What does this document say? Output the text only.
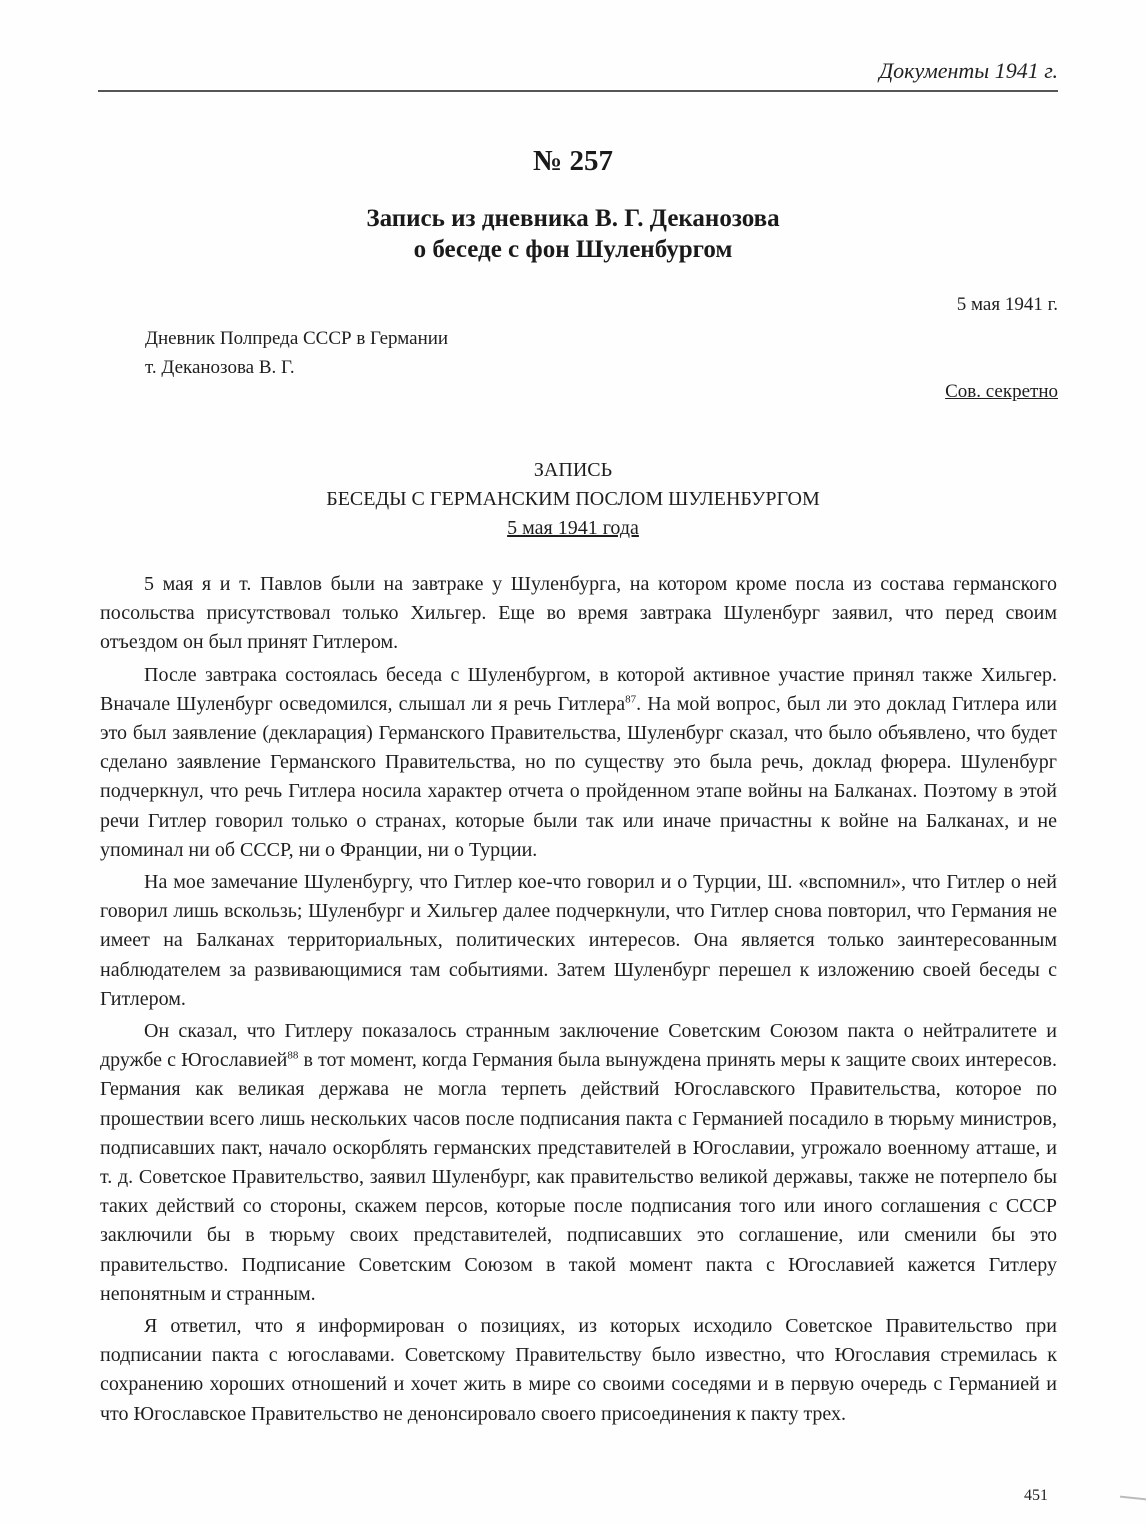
Документы 1941 г.
№ 257
Запись из дневника В. Г. Деканозова
о беседе с фон Шуленбургом
5 мая 1941 г.
Дневник Полпреда СССР в Германии
т. Деканозова В. Г.
Сов. секретно
ЗАПИСЬ
БЕСЕДЫ С ГЕРМАНСКИМ ПОСЛОМ ШУЛЕНБУРГОМ
5 мая 1941 года

5 мая я и т. Павлов были на завтраке у Шуленбурга, на котором кроме посла из состава германского посольства присутствовал только Хильгер. Еще во время завтрака Шуленбург заявил, что перед своим отъездом он был принят Гитлером.

После завтрака состоялась беседа с Шуленбургом, в которой активное участие принял также Хильгер. Вначале Шуленбург осведомился, слышал ли я речь Гитлера$^{87}$. На мой вопрос, был ли это доклад Гитлера или это был заявление (декларация) Германского Правительства, Шуленбург сказал, что было объявлено, что будет сделано заявление Германского Правительства, но по существу это была речь, доклад фюрера. Шуленбург подчеркнул, что речь Гитлера носила характер отчета о пройденном этапе войны на Балканах. Поэтому в этой речи Гитлер говорил только о странах, которые были так или иначе причастны к войне на Балканах, и не упоминал ни об СССР, ни о Франции, ни о Турции.

На мое замечание Шуленбургу, что Гитлер кое-что говорил и о Турции, Ш. «вспомнил», что Гитлер о ней говорил лишь вскользь; Шуленбург и Хильгер далее подчеркнули, что Гитлер снова повторил, что Германия не имеет на Балканах территориальных, политических интересов. Она является только заинтересованным наблюдателем за развивающимися там событиями. Затем Шуленбург перешел к изложению своей беседы с Гитлером.

Он сказал, что Гитлеру показалось странным заключение Советским Союзом пакта о нейтралитете и дружбе с Югославией$^{88}$ в тот момент, когда Германия была вынуждена принять меры к защите своих интересов. Германия как великая держава не могла терпеть действий Югославского Правительства, которое по прошествии всего лишь нескольких часов после подписания пакта с Германией посадило в тюрьму министров, подписавших пакт, начало оскорблять германских представителей в Югославии, угрожало военному атташе, и т. д. Советское Правительство, заявил Шуленбург, как правительство великой державы, также не потерпело бы таких действий со стороны, скажем персов, которые после подписания того или иного соглашения с СССР заключили бы в тюрьму своих представителей, подписавших это соглашение, или сменили бы это правительство. Подписание Советским Союзом в такой момент пакта с Югославией кажется Гитлеру непонятным и странным.

Я ответил, что я информирован о позициях, из которых исходило Советское Правительство при подписании пакта с югославами. Советскому Правительству было известно, что Югославия стремилась к сохранению хороших отношений и хочет жить в мире со своими соседями и в первую очередь с Германией и что Югославское Правительство не денонсировало своего присоединения к пакту трех.

451
